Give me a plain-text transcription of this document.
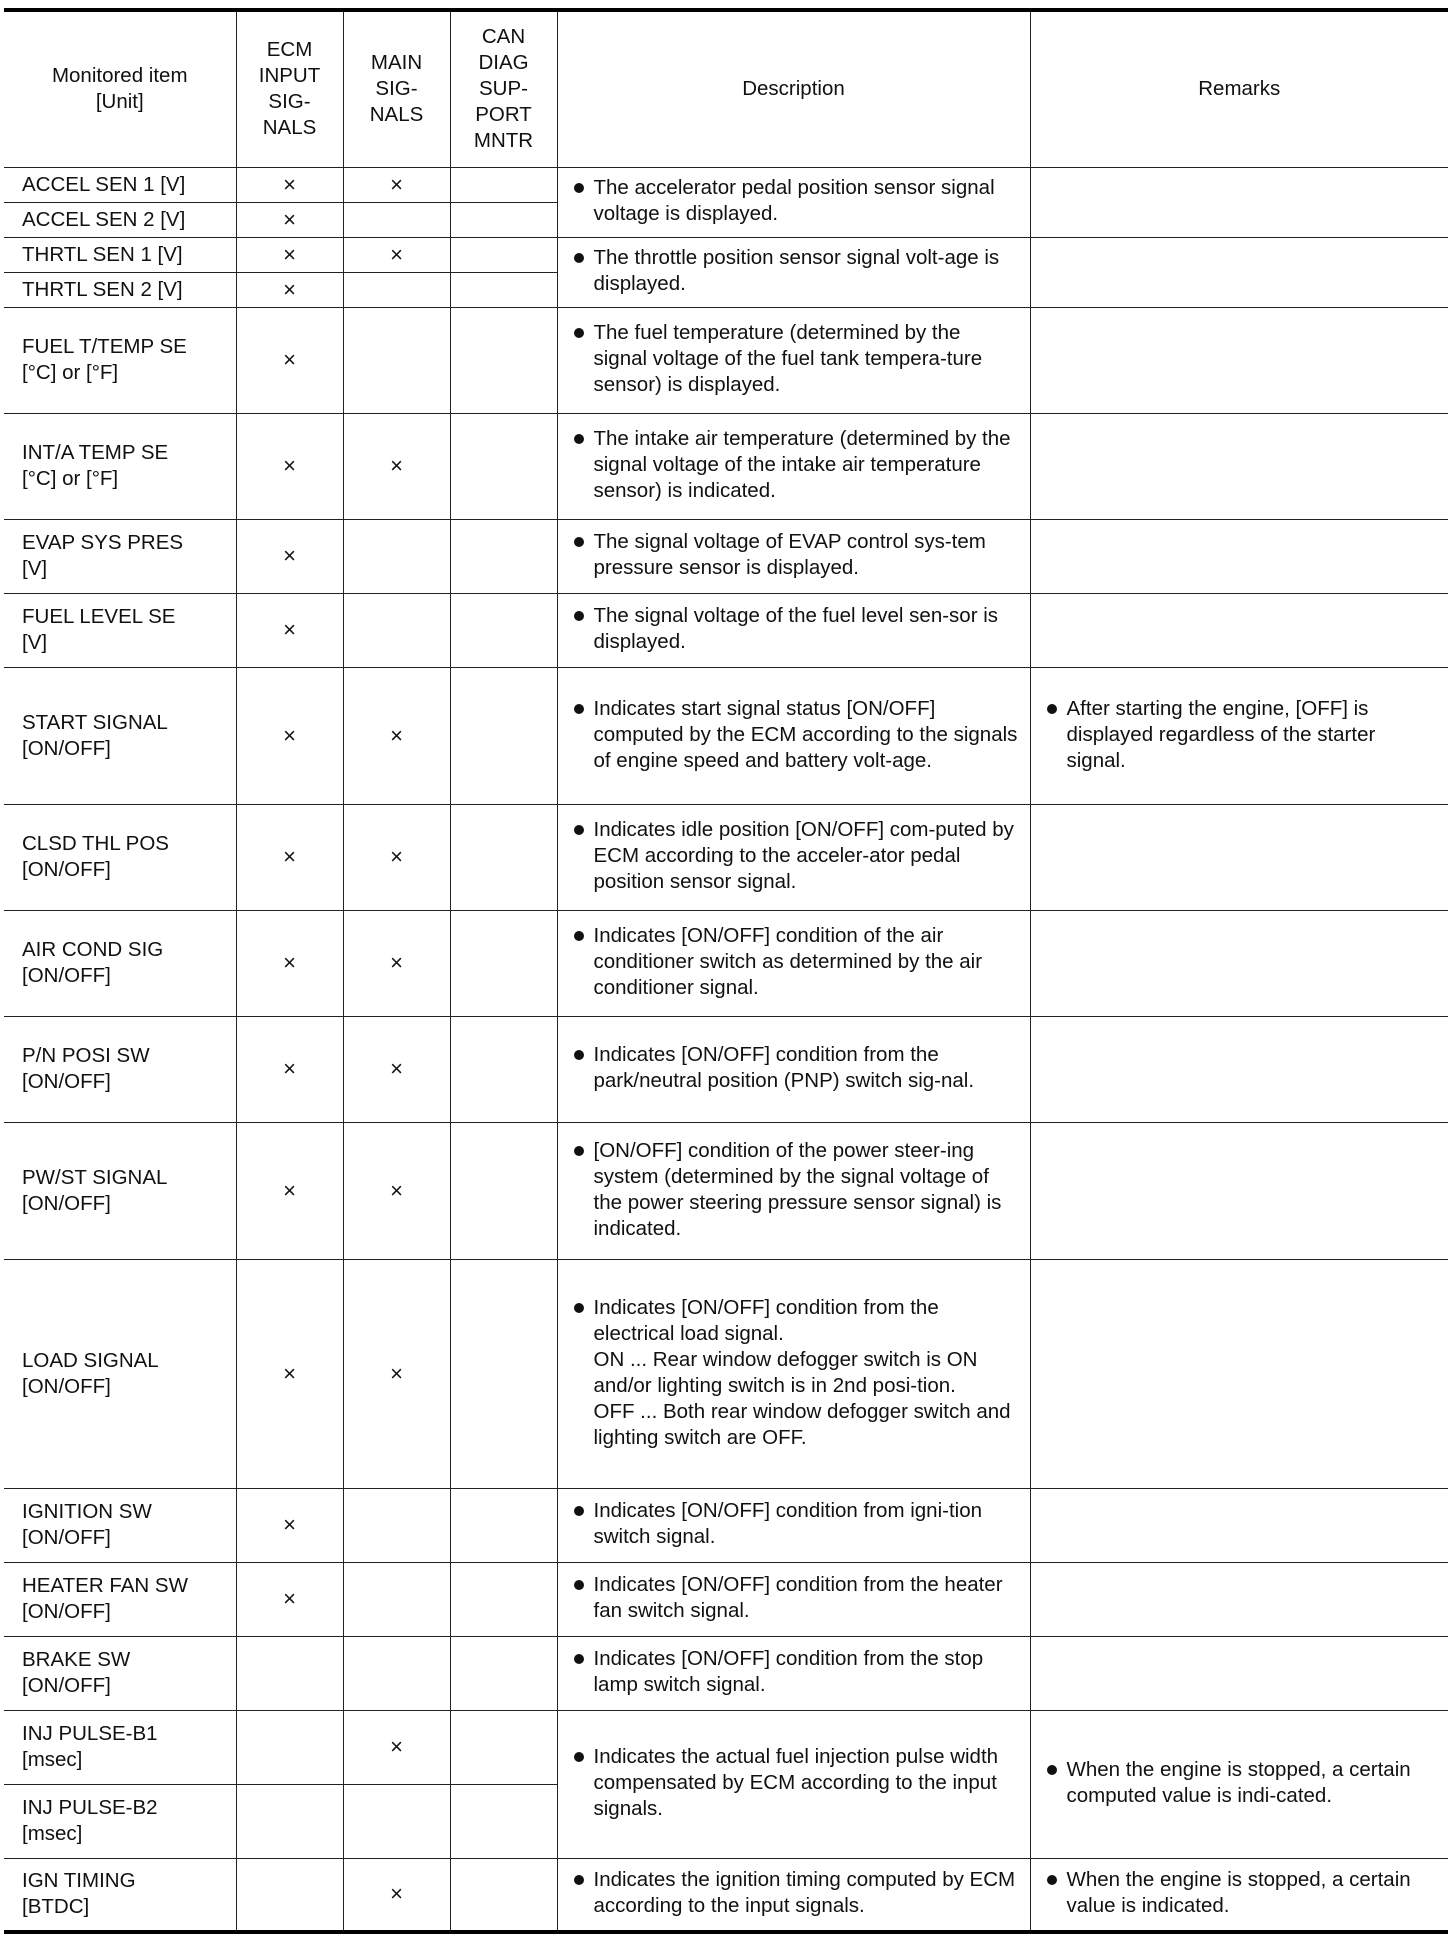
Monitored item
[Unit]	ECM
INPUT
SIG-
NALS	MAIN
SIG-
NALS	CAN
DIAG
SUP-
PORT
MNTR	Description	Remarks
ACCEL SEN 1 [V]	×	×		The accelerator pedal position sensor signal voltage is displayed.	

ACCEL SEN 2 [V]	×				
THRTL SEN 1 [V]	×	×		The throttle position sensor signal volt-age is displayed.	

THRTL SEN 2 [V]	×				

FUEL T/TEMP SE
[°C] or [°F]	×			The fuel temperature (determined by the signal voltage of the fuel tank tempera-ture sensor) is displayed.	

INT/A TEMP SE
[°C] or [°F]	×	×		The intake air temperature (determined by the signal voltage of the intake air temperature sensor) is indicated.	

EVAP SYS PRES
[V]	×			The signal voltage of EVAP control sys-tem pressure sensor is displayed.	

FUEL LEVEL SE
[V]	×			The signal voltage of the fuel level sen-sor is displayed.	

START SIGNAL
[ON/OFF]	×	×		Indicates start signal status [ON/OFF] computed by the ECM according to the signals of engine speed and battery volt-age.	After starting the engine, [OFF] is displayed regardless of the starter signal.

CLSD THL POS
[ON/OFF]	×	×		Indicates idle position [ON/OFF] com-puted by ECM according to the acceler-ator pedal position sensor signal.	

AIR COND SIG
[ON/OFF]	×	×		Indicates [ON/OFF] condition of the air conditioner switch as determined by the air conditioner signal.	

P/N POSI SW
[ON/OFF]	×	×		Indicates [ON/OFF] condition from the park/neutral position (PNP) switch sig-nal.	

PW/ST SIGNAL
[ON/OFF]	×	×		[ON/OFF] condition of the power steer-ing system (determined by the signal voltage of the power steering pressure sensor signal) is indicated.	

LOAD SIGNAL
[ON/OFF]	×	×		Indicates [ON/OFF] condition from the electrical load signal.
ON ... Rear window defogger switch is ON and/or lighting switch is in 2nd posi-tion.
OFF ... Both rear window defogger switch and lighting switch are OFF.	

IGNITION SW
[ON/OFF]	×			Indicates [ON/OFF] condition from igni-tion switch signal.	

HEATER FAN SW
[ON/OFF]	×			Indicates [ON/OFF] condition from the heater fan switch signal.	

BRAKE SW
[ON/OFF]				Indicates [ON/OFF] condition from the stop lamp switch signal.	

INJ PULSE-B1
[msec]		×		Indicates the actual fuel injection pulse width compensated by ECM according to the input signals.	When the engine is stopped, a certain computed value is indi-cated.

INJ PULSE-B2
[msec]					

IGN TIMING
[BTDC]		×		Indicates the ignition timing computed by ECM according to the input signals.	When the engine is stopped, a certain value is indicated.
